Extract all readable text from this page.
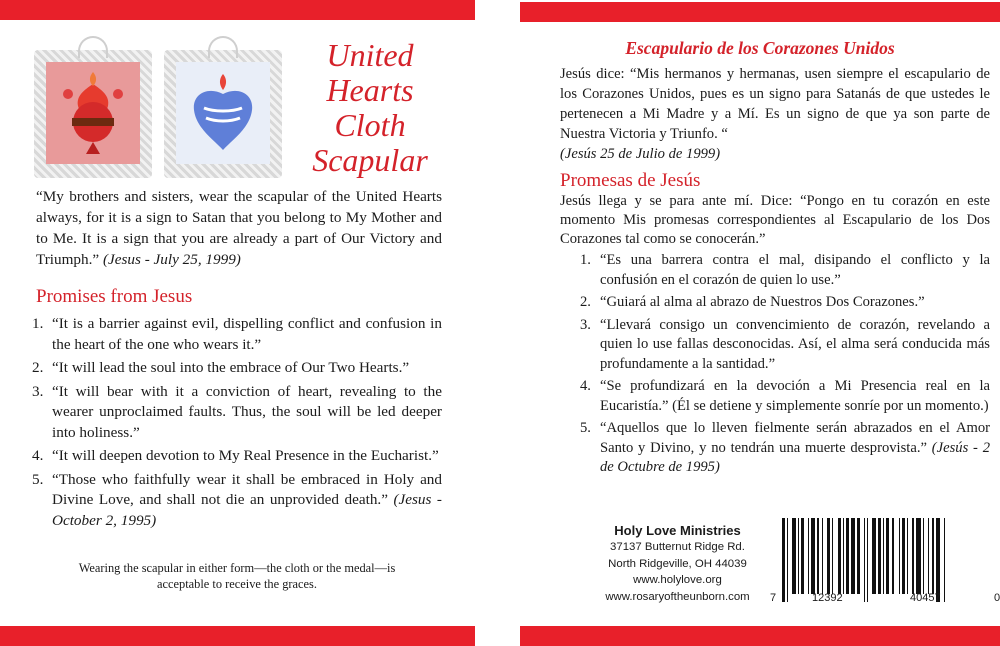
United
Hearts
Cloth
Scapular

“My brothers and sisters, wear the scapular of the United Hearts always, for it is a sign to Satan that you belong to My Mother and to Me. It is a sign that you are already a part of Our Victory and Triumph.” (Jesus - July 25, 1999)

Promises from Jesus
1. “It is a barrier against evil, dispelling conflict and confusion in the heart of the one who wears it.”
2. “It will lead the soul into the embrace of Our Two Hearts.”
3. “It will bear with it a conviction of heart, revealing to the wearer unproclaimed faults. Thus, the soul will be led deeper into holiness.”
4. “It will deepen devotion to My Real Presence in the Eucharist.”
5. “Those who faithfully wear it shall be embraced in Holy and Divine Love, and shall not die an unprovided death.” (Jesus - October 2, 1995)

Wearing the scapular in either form—the cloth or the medal—is acceptable to receive the graces.

Escapulario de los Corazones Unidos

Jesús dice: “Mis hermanos y hermanas, usen siempre el escapulario de los Corazones Unidos, pues es un signo para Satanás de que ustedes le pertenecen a Mi Madre y a Mí. Es un signo de que ya son parte de Nuestra Victoria y Triunfo. “
(Jesús 25 de Julio de 1999)

Promesas de Jesús

Jesús llega y se para ante mí. Dice: “Pongo en tu corazón en este momento Mis promesas correspondientes al Escapulario de los Dos Corazones tal como se conocerán.”

1. “Es una barrera contra el mal, disipando el conflicto y la confusión en el corazón de quien lo use.”
2. “Guiará al alma al abrazo de Nuestros Dos Corazones.”
3. “Llevará consigo un convencimiento de corazón, revelando a quien lo use fallas desconocidas. Así, el alma será conducida más profundamente a la santidad.”
4. “Se profundizará en la devoción a Mi Presencia real en la Eucaristía.” (Él se detiene y simplemente sonríe por un momento.)
5. “Aquellos que lo lleven fielmente serán abrazados en el Amor Santo y Divino, y no tendrán una muerte desprovista.” (Jesús - 2 de Octubre de 1995)
Holy Love Ministries
37137 Butternut Ridge Rd.
North Ridgeville, OH 44039
www.holylove.org
www.rosaryoftheunborn.com	7	12392	40457	0
